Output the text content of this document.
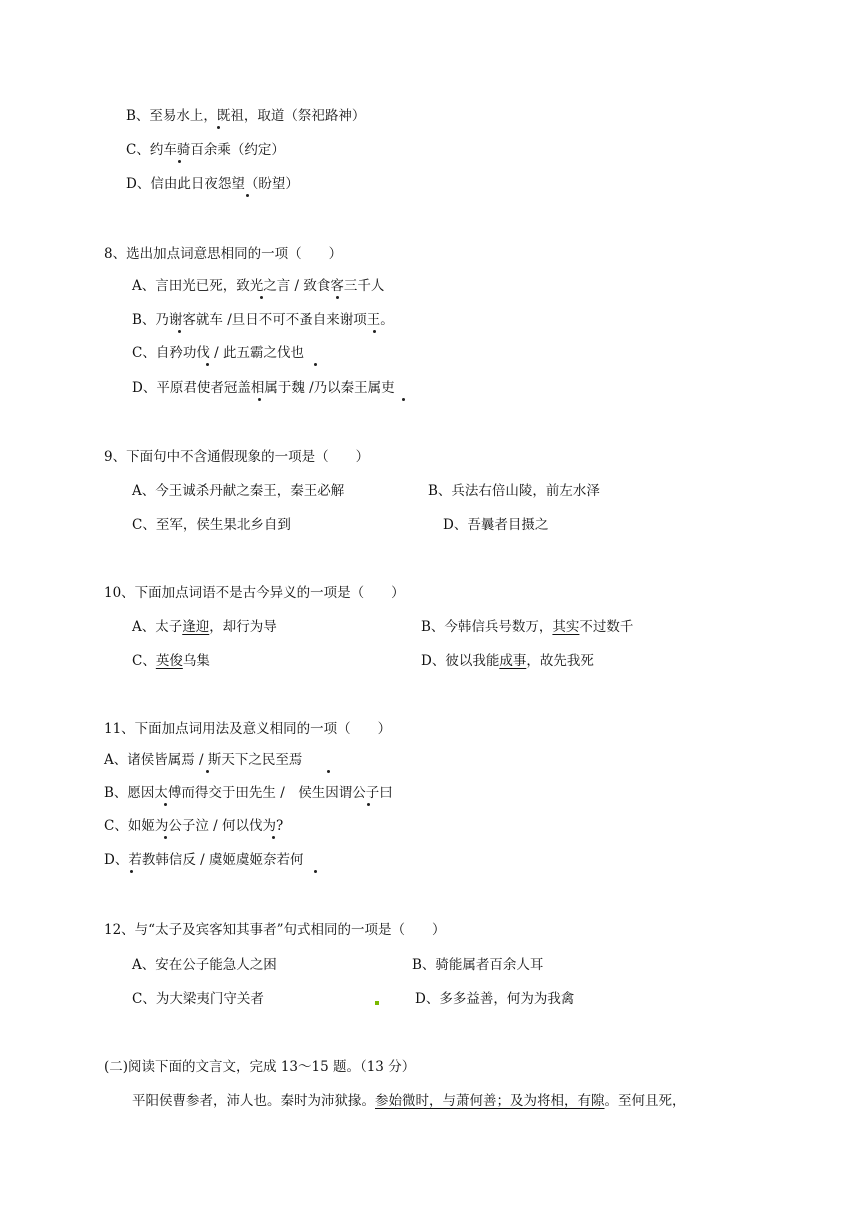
B、至易水上，既祖，取道（祭祀路神）
C、约车骑百余乘（约定）
D、信由此日夜怨望（盼望）
8、选出加点词意思相同的一项（　　）
A、言田光已死，致光之言 / 致食客三千人
B、乃谢客就车 /旦日不可不蚤自来谢项王。
C、自矜功伐 / 此五霸之伐也
D、平原君使者冠盖相属于魏 /乃以秦王属吏
9、下面句中不含通假现象的一项是（　　）
A、今王诚杀丹献之秦王，秦王必解	B、兵法右倍山陵，前左水泽
C、至军，侯生果北乡自到	D、吾曩者目摄之
10、下面加点词语不是古今异义的一项是（　　）
A、太子逢迎，却行为导	B、今韩信兵号数万，其实不过数千
C、英俊乌集	D、彼以我能成事，故先我死
11、下面加点词用法及意义相同的一项（　　）
A、诸侯皆属焉 / 斯天下之民至焉
B、愿因太傅而得交于田先生 /　侯生因谓公子曰
C、如姬为公子泣 / 何以伐为?
D、若教韩信反 / 虞姬虞姬奈若何
12、与“太子及宾客知其事者”句式相同的一项是（　　）
A、安在公子能急人之困	B、骑能属者百余人耳
C、为大梁夷门守关者	D、多多益善，何为为我禽
(二)阅读下面的文言文，完成 13～15 题。（13 分）
平阳侯曹参者，沛人也。秦时为沛狱掾。参始微时，与萧何善；及为将相，有隙。至何且死，
